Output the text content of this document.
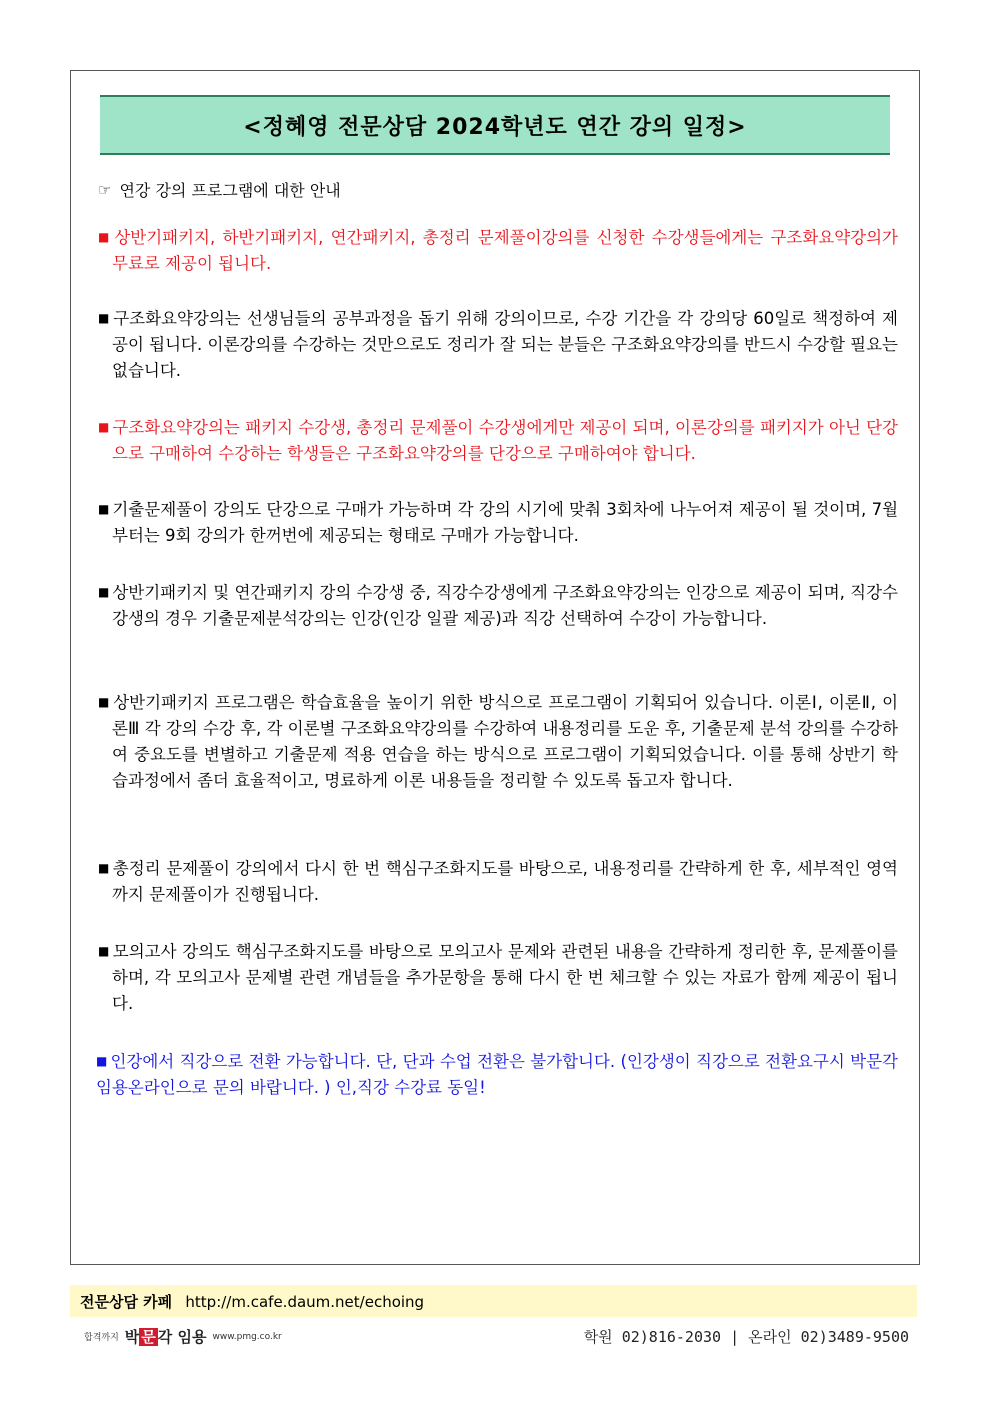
<정혜영 전문상담 2024학년도 연간 강의 일정>
☞ 연강 강의 프로그램에 대한 안내
■ 상반기패키지, 하반기패키지, 연간패키지, 총정리 문제풀이강의를 신청한 수강생들에게는 구조화요약강의가 무료로 제공이 됩니다.
■ 구조화요약강의는 선생님들의 공부과정을 돕기 위해 강의이므로, 수강 기간을 각 강의당 60일로 책정하여 제공이 됩니다. 이론강의를 수강하는 것만으로도 정리가 잘 되는 분들은 구조화요약강의를 반드시 수강할 필요는 없습니다.
■ 구조화요약강의는 패키지 수강생, 총정리 문제풀이 수강생에게만 제공이 되며, 이론강의를 패키지가 아닌 단강으로 구매하여 수강하는 학생들은 구조화요약강의를 단강으로 구매하여야 합니다.
■ 기출문제풀이 강의도 단강으로 구매가 가능하며 각 강의 시기에 맞춰 3회차에 나누어져 제공이 될 것이며, 7월부터는 9회 강의가 한꺼번에 제공되는 형태로 구매가 가능합니다.
■ 상반기패키지 및 연간패키지 강의 수강생 중, 직강수강생에게 구조화요약강의는 인강으로 제공이 되며, 직강수강생의 경우 기출문제분석강의는 인강(인강 일괄 제공)과 직강 선택하여 수강이 가능합니다.
■ 상반기패키지 프로그램은 학습효율을 높이기 위한 방식으로 프로그램이 기획되어 있습니다. 이론Ⅰ, 이론Ⅱ, 이론Ⅲ 각 강의 수강 후, 각 이론별 구조화요약강의를 수강하여 내용정리를 도운 후, 기출문제 분석 강의를 수강하여 중요도를 변별하고 기출문제 적용 연습을 하는 방식으로 프로그램이 기획되었습니다. 이를 통해 상반기 학습과정에서 좀더 효율적이고, 명료하게 이론 내용들을 정리할 수 있도록 돕고자 합니다.
■ 총정리 문제풀이 강의에서 다시 한 번 핵심구조화지도를 바탕으로, 내용정리를 간략하게 한 후, 세부적인 영역까지 문제풀이가 진행됩니다.
■ 모의고사 강의도 핵심구조화지도를 바탕으로 모의고사 문제와 관련된 내용을 간략하게 정리한 후, 문제풀이를 하며, 각 모의고사 문제별 관련 개념들을 추가문항을 통해 다시 한 번 체크할 수 있는 자료가 함께 제공이 됩니다.
■ 인강에서 직강으로 전환 가능합니다. 단, 단과 수업 전환은 불가합니다. (인강생이 직강으로 전환요구시 박문각임용온라인으로 문의 바랍니다. ) 인,직강 수강료 동일!
전문상담 카페 http://m.cafe.daum.net/echoing
합격까지 박 문 각 임용 www.pmg.co.kr	학원 02)816-2030 | 온라인 02)3489-9500
